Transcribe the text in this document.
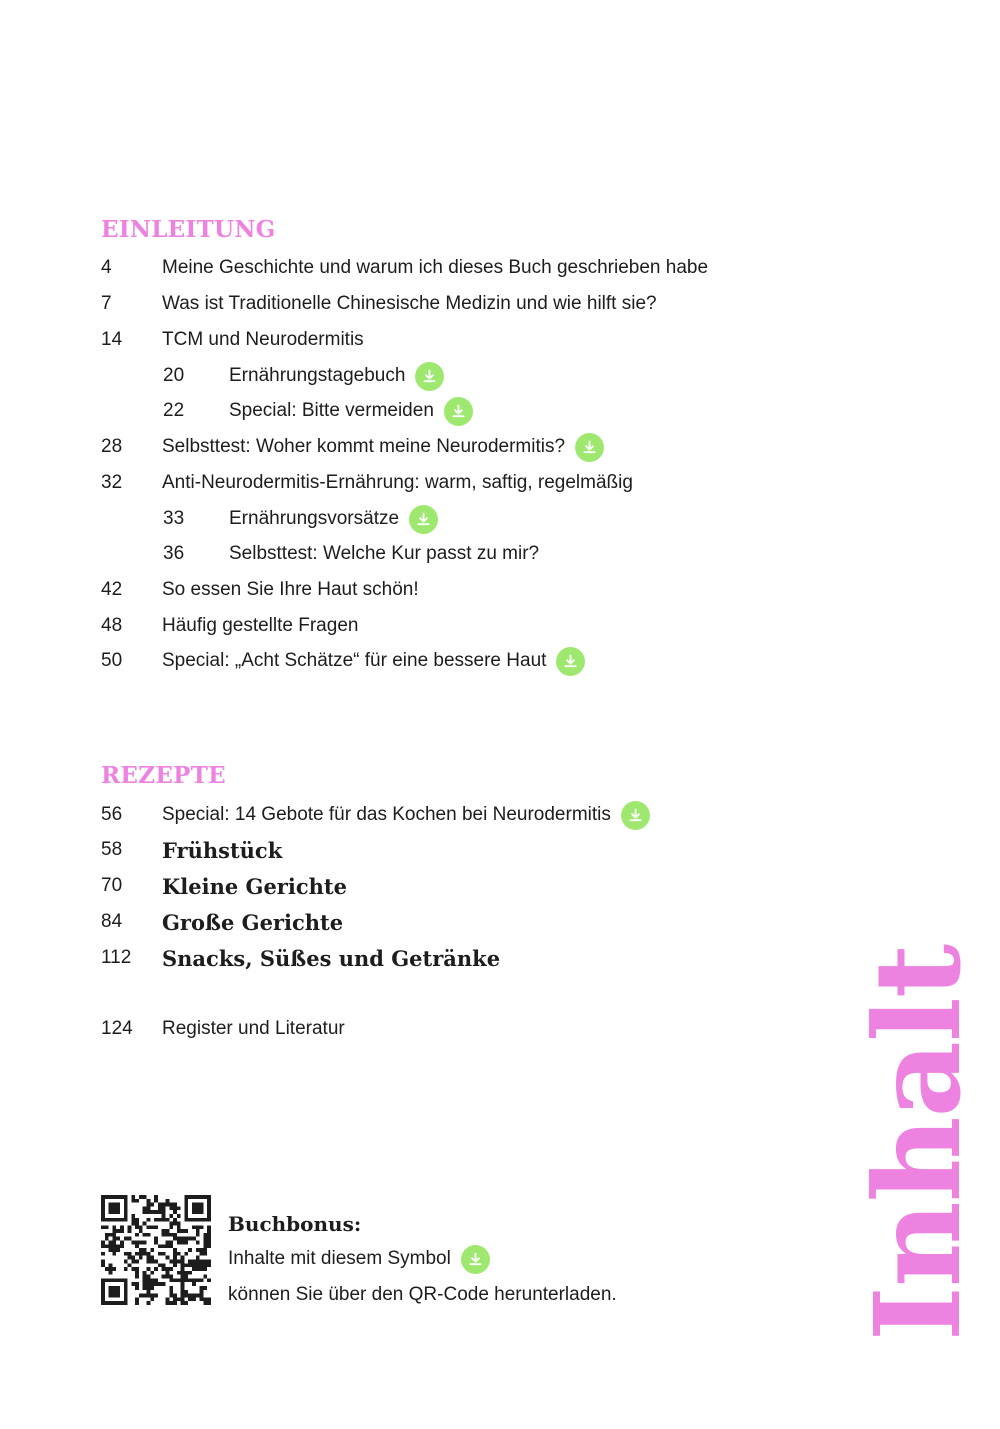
EINLEITUNG
4	Meine Geschichte und warum ich dieses Buch geschrieben habe
7	Was ist Traditionelle Chinesische Medizin und wie hilft sie?
14	TCM und Neurodermitis
20	Ernährungstagebuch
22	Special: Bitte vermeiden
28	Selbsttest: Woher kommt meine Neurodermitis?
32	Anti-Neurodermitis-Ernährung: warm, saftig, regelmäßig
33	Ernährungsvorsätze
36	Selbsttest: Welche Kur passt zu mir?
42	So essen Sie Ihre Haut schön!
48	Häufig gestellte Fragen
50	Special: „Acht Schätze“ für eine bessere Haut
REZEPTE
56	Special: 14 Gebote für das Kochen bei Neurodermitis
58	Frühstück
70	Kleine Gerichte
84	Große Gerichte
112	Snacks, Süßes und Getränke
124	Register und Literatur
Buchbonus:
Inhalte mit diesem Symbol
können Sie über den QR-Code herunterladen. Inhalt
